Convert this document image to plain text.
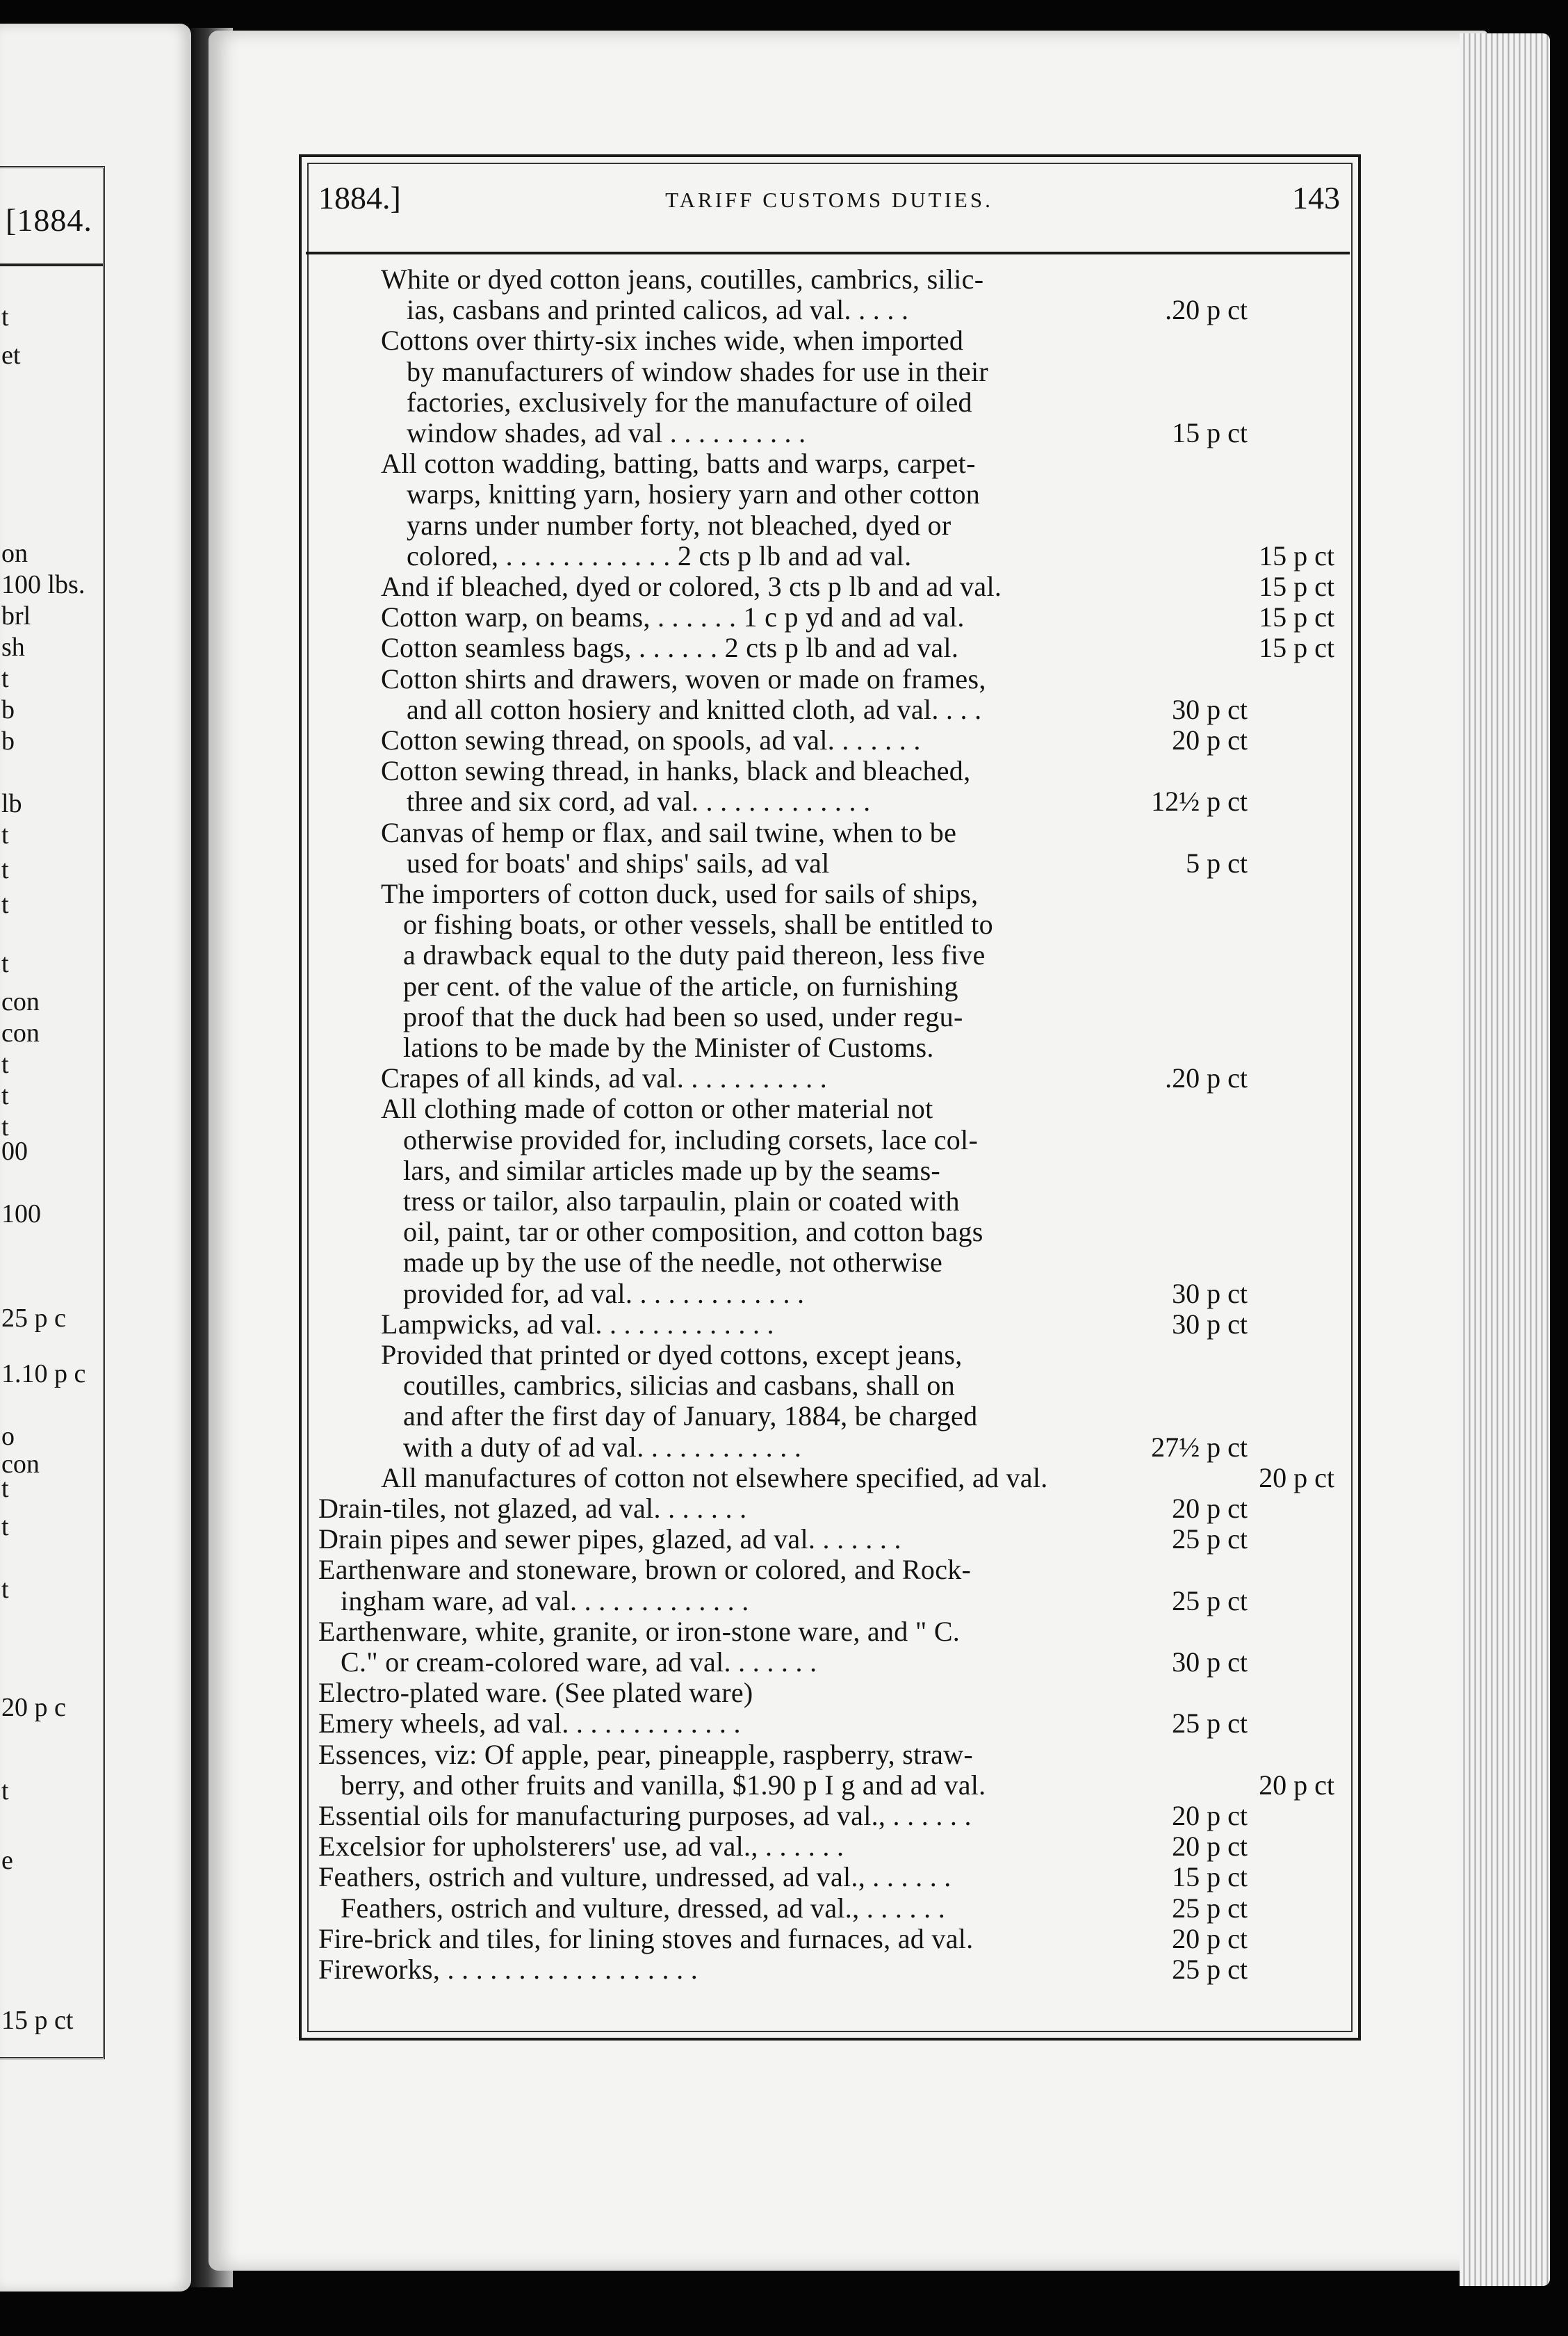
[1884.
t
et
on
100 lbs.
brl
sh
t
b
b
lb
t
t
t
t
con
con
t
t
t
00
100
25 p c
1.10 p c
o
con
t
t
t
20 p c
t
e
15 p ct
1884.]	TARIFF CUSTOMS DUTIES.	143
White or dyed cotton jeans, coutilles, cambrics, silic-
ias, casbans and printed calicos, ad val. . . . .	.20 p ct
Cottons over thirty-six inches wide, when imported
by manufacturers of window shades for use in their
factories, exclusively for the manufacture of oiled
window shades, ad val . . . . . . . . . .	15 p ct
All cotton wadding, batting, batts and warps, carpet-
warps, knitting yarn, hosiery yarn and other cotton
yarns under number forty, not bleached, dyed or
colored, . . . . . . . . . . . . 2 cts p lb and ad val.	15 p ct
And if bleached, dyed or colored, 3 cts p lb and ad val.	15 p ct
Cotton warp, on beams, . . . . . . 1 c p yd and ad val.	15 p ct
Cotton seamless bags, . . . . . . 2 cts p lb and ad val.	15 p ct
Cotton shirts and drawers, woven or made on frames,
and all cotton hosiery and knitted cloth, ad val. . . .	30 p ct
Cotton sewing thread, on spools, ad val. . . . . . .	20 p ct
Cotton sewing thread, in hanks, black and bleached,
three and six cord, ad val. . . . . . . . . . . . .	12½ p ct
Canvas of hemp or flax, and sail twine, when to be
used for boats' and ships' sails, ad val	5 p ct
The importers of cotton duck, used for sails of ships,
or fishing boats, or other vessels, shall be entitled to
a drawback equal to the duty paid thereon, less five
per cent. of the value of the article, on furnishing
proof that the duck had been so used, under regu-
lations to be made by the Minister of Customs.
Crapes of all kinds, ad val. . . . . . . . . . .	.20 p ct
All clothing made of cotton or other material not
otherwise provided for, including corsets, lace col-
lars, and similar articles made up by the seams-
tress or tailor, also tarpaulin, plain or coated with
oil, paint, tar or other composition, and cotton bags
made up by the use of the needle, not otherwise
provided for, ad val. . . . . . . . . . . . .	30 p ct
Lampwicks, ad val. . . . . . . . . . . . .	30 p ct
Provided that printed or dyed cottons, except jeans,
coutilles, cambrics, silicias and casbans, shall on
and after the first day of January, 1884, be charged
with a duty of ad val. . . . . . . . . . . .	27½ p ct
All manufactures of cotton not elsewhere specified, ad val.	20 p ct
Drain-tiles, not glazed, ad val. . . . . . .	20 p ct
Drain pipes and sewer pipes, glazed, ad val. . . . . . .	25 p ct
Earthenware and stoneware, brown or colored, and Rock-
ingham ware, ad val. . . . . . . . . . . . .	25 p ct
Earthenware, white, granite, or iron-stone ware, and " C.
C." or cream-colored ware, ad val. . . . . . .	30 p ct
Electro-plated ware. (See plated ware)
Emery wheels, ad val. . . . . . . . . . . . .	25 p ct
Essences, viz: Of apple, pear, pineapple, raspberry, straw-
berry, and other fruits and vanilla, $1.90 p I g and ad val.	20 p ct
Essential oils for manufacturing purposes, ad val., . . . . . .	20 p ct
Excelsior for upholsterers' use, ad val., . . . . . .	20 p ct
Feathers, ostrich and vulture, undressed, ad val., . . . . . .	15 p ct
Feathers, ostrich and vulture, dressed, ad val., . . . . . .	25 p ct
Fire-brick and tiles, for lining stoves and furnaces, ad val.	20 p ct
Fireworks, . . . . . . . . . . . . . . . . . .	25 p ct
